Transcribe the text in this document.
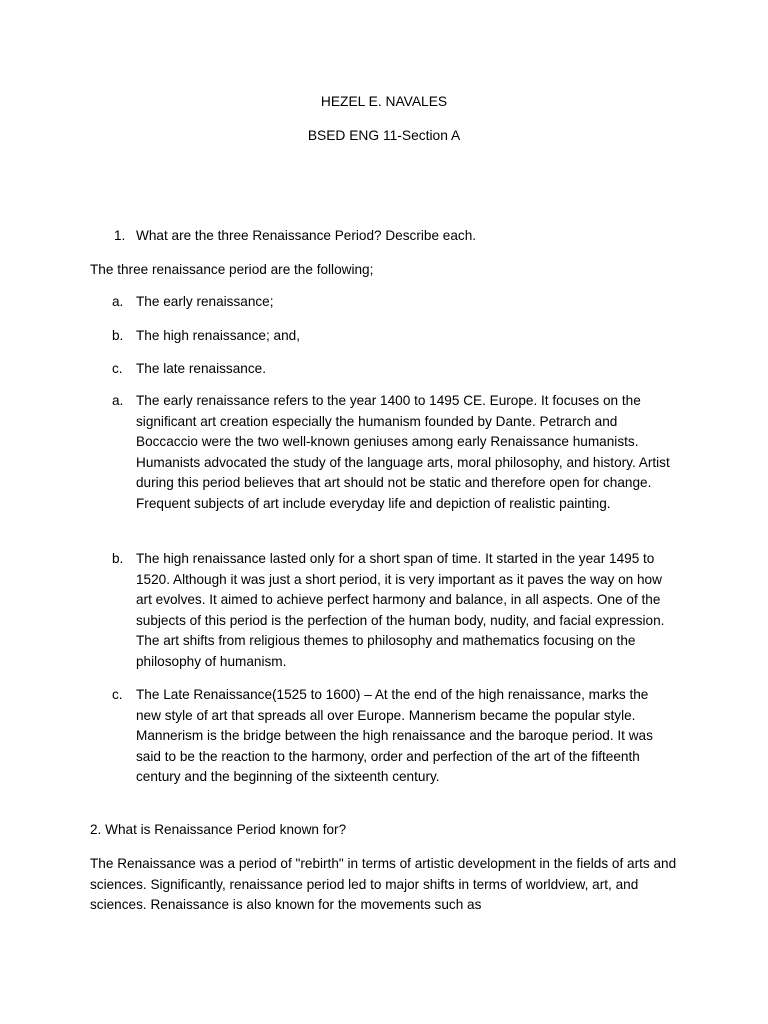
HEZEL E. NAVALES

BSED ENG 11-Section A

1. What are the three Renaissance Period? Describe each.

The three renaissance period are the following;

a. The early renaissance;
b. The high renaissance; and,
c. The late renaissance.
a. The early renaissance refers to the year 1400 to 1495 CE. Europe. It focuses on the significant art creation especially the humanism founded by Dante. Petrarch and Boccaccio were the two well-known geniuses among early Renaissance humanists. Humanists advocated the study of the language arts, moral philosophy, and history. Artist during this period believes that art should not be static and therefore open for change. Frequent subjects of art include everyday life and depiction of realistic painting.
b. The high renaissance lasted only for a short span of time. It started in the year 1495 to 1520. Although it was just a short period, it is very important as it paves the way on how art evolves. It aimed to achieve perfect harmony and balance, in all aspects. One of the subjects of this period is the perfection of the human body, nudity, and facial expression. The art shifts from religious themes to philosophy and mathematics focusing on the philosophy of humanism.
c. The Late Renaissance(1525 to 1600) – At the end of the high renaissance, marks the new style of art that spreads all over Europe. Mannerism became the popular style. Mannerism is the bridge between the high renaissance and the baroque period. It was said to be the reaction to the harmony, order and perfection of the art of the fifteenth century and the beginning of the sixteenth century.

2. What is Renaissance Period known for?

The Renaissance was a period of "rebirth" in terms of artistic development in the fields of arts and sciences. Significantly, renaissance period led to major shifts in terms of worldview, art, and sciences. Renaissance is also known for the movements such as
